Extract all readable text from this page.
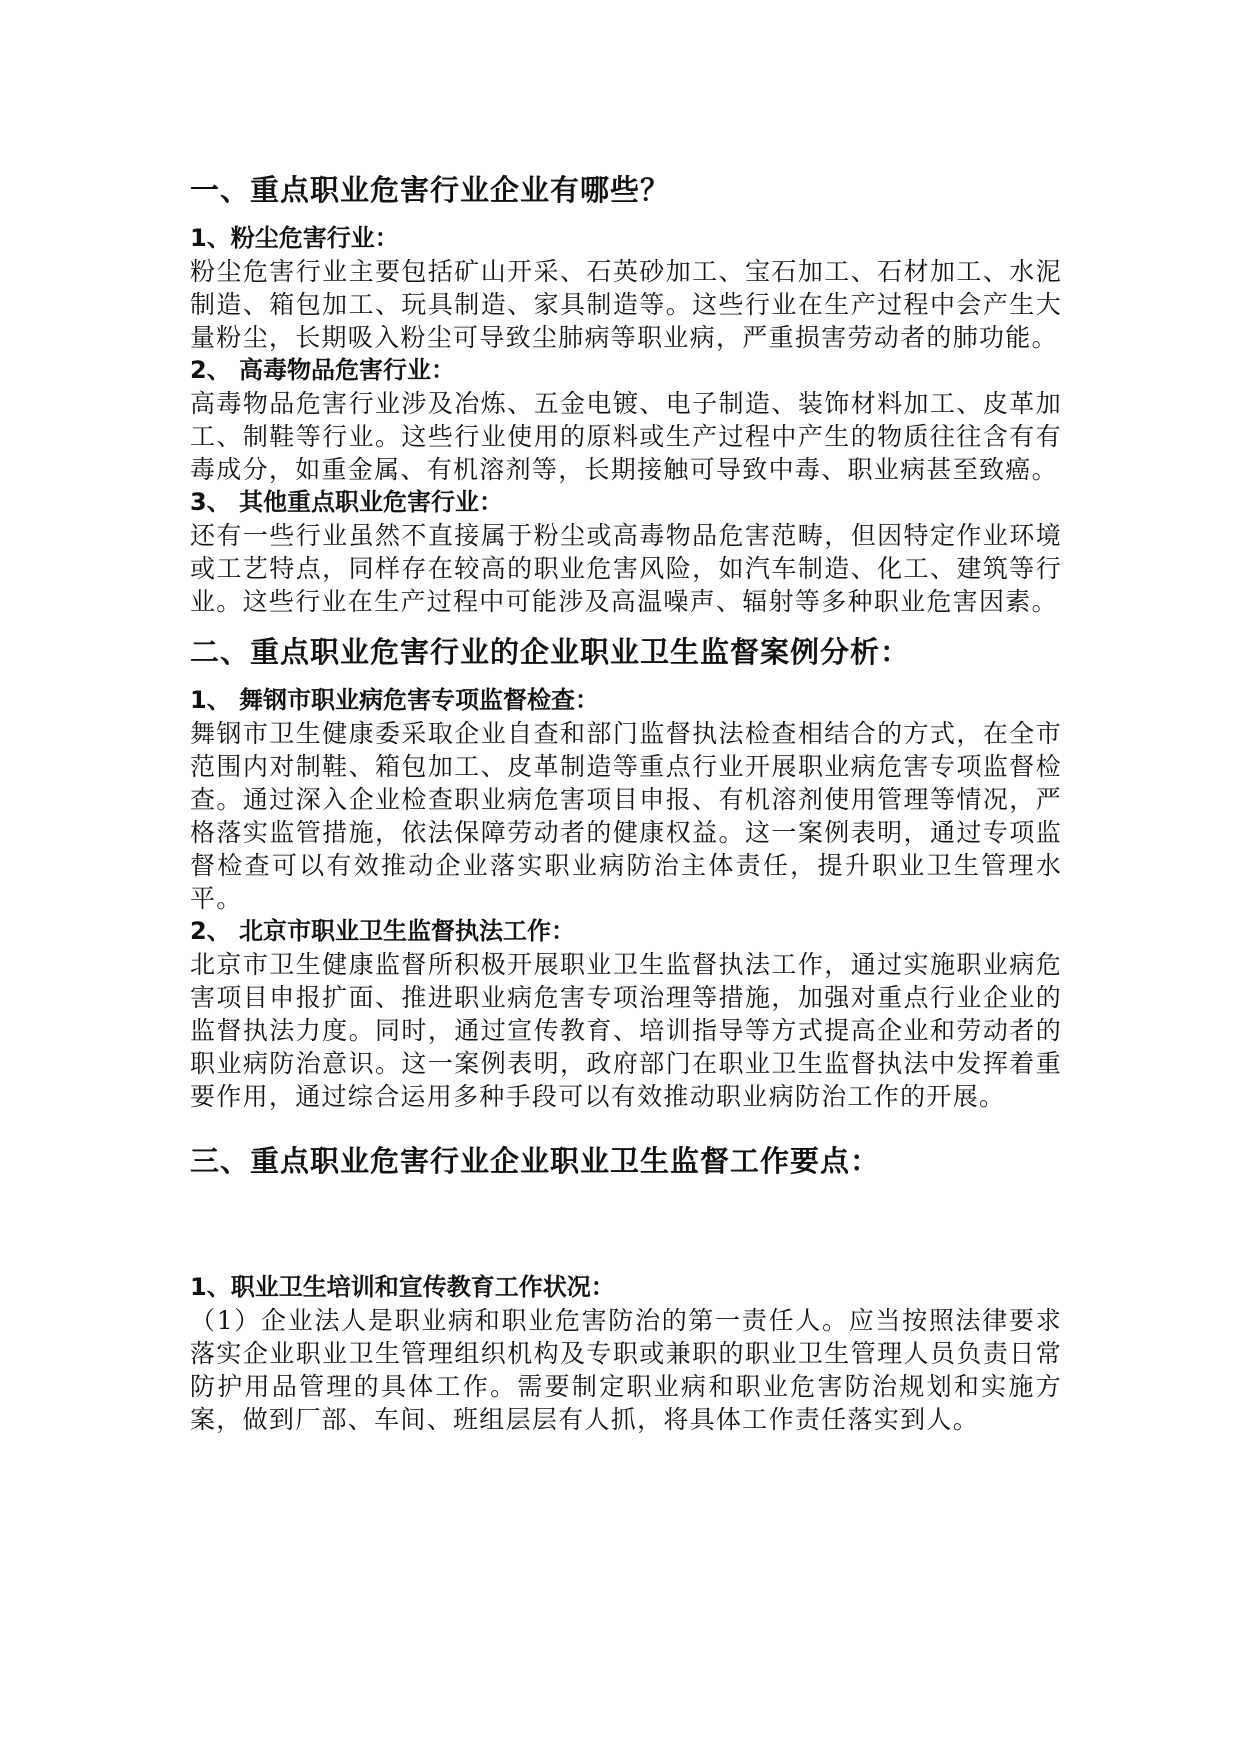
一、重点职业危害行业企业有哪些？
1、粉尘危害行业：

粉尘危害行业主要包括矿山开采、石英砂加工、宝石加工、石材加工、水泥制造、箱包加工、玩具制造、家具制造等。这些行业在生产过程中会产生大量粉尘，长期吸入粉尘可导致尘肺病等职业病，严重损害劳动者的肺功能。

2、 高毒物品危害行业：

高毒物品危害行业涉及冶炼、五金电镀、电子制造、装饰材料加工、皮革加工、制鞋等行业。这些行业使用的原料或生产过程中产生的物质往往含有有毒成分，如重金属、有机溶剂等，长期接触可导致中毒、职业病甚至致癌。

3、 其他重点职业危害行业：

还有一些行业虽然不直接属于粉尘或高毒物品危害范畴，但因特定作业环境或工艺特点，同样存在较高的职业危害风险，如汽车制造、化工、建筑等行业。这些行业在生产过程中可能涉及高温噪声、辐射等多种职业危害因素。

二、重点职业危害行业的企业职业卫生监督案例分析：
1、 舞钢市职业病危害专项监督检查：

舞钢市卫生健康委采取企业自查和部门监督执法检查相结合的方式，在全市范围内对制鞋、箱包加工、皮革制造等重点行业开展职业病危害专项监督检查。通过深入企业检查职业病危害项目申报、有机溶剂使用管理等情况，严格落实监管措施，依法保障劳动者的健康权益。这一案例表明，通过专项监督检查可以有效推动企业落实职业病防治主体责任，提升职业卫生管理水平。

2、 北京市职业卫生监督执法工作：

北京市卫生健康监督所积极开展职业卫生监督执法工作，通过实施职业病危害项目申报扩面、推进职业病危害专项治理等措施，加强对重点行业企业的监督执法力度。同时，通过宣传教育、培训指导等方式提高企业和劳动者的职业病防治意识。这一案例表明，政府部门在职业卫生监督执法中发挥着重要作用，通过综合运用多种手段可以有效推动职业病防治工作的开展。

三、重点职业危害行业企业职业卫生监督工作要点：
1、职业卫生培训和宣传教育工作状况：

（1）企业法人是职业病和职业危害防治的第一责任人。应当按照法律要求落实企业职业卫生管理组织机构及专职或兼职的职业卫生管理人员负责日常防护用品管理的具体工作。需要制定职业病和职业危害防治规划和实施方案，做到厂部、车间、班组层层有人抓，将具体工作责任落实到人。
